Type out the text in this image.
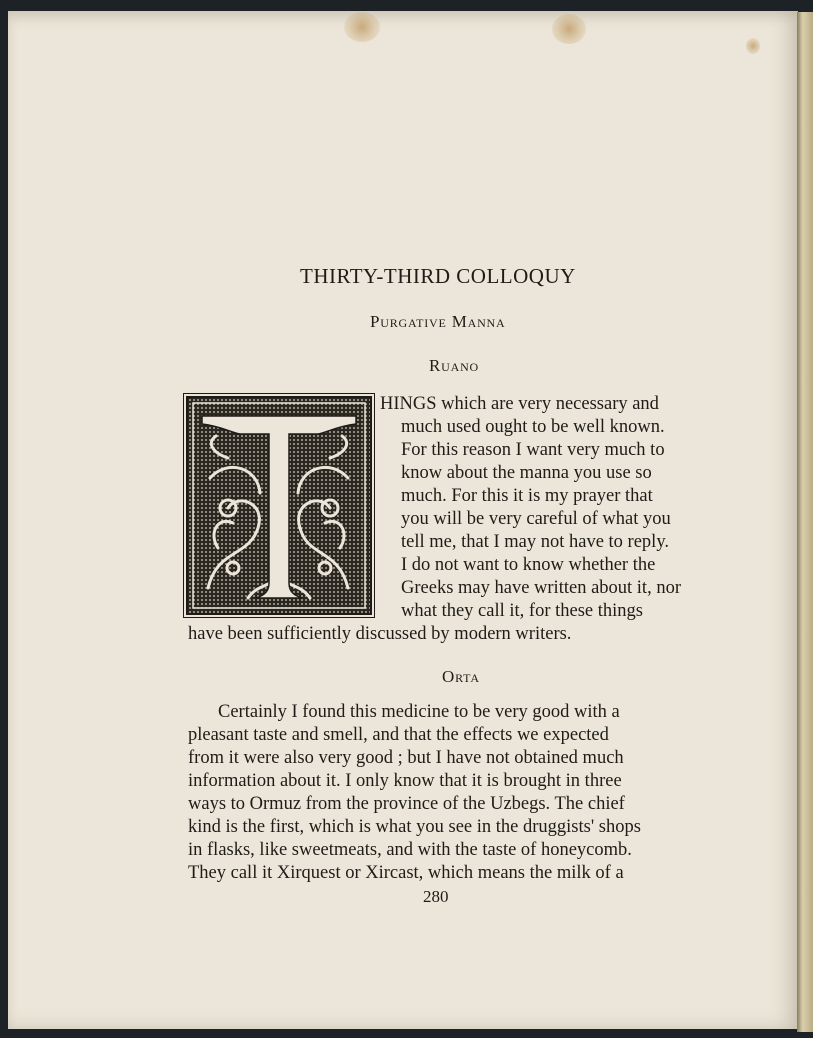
THIRTY-THIRD COLLOQUY
Purgative Manna
Ruano
HINGS which are very necessary and
much used ought to be well known.
For this reason I want very much to
know about the manna you use so
much. For this it is my prayer that
you will be very careful of what you
tell me, that I may not have to reply.
I do not want to know whether the
Greeks may have written about it, nor
what they call it, for these things
have been sufficiently discussed by modern writers.
Orta
Certainly I found this medicine to be very good with a
pleasant taste and smell, and that the effects we expected
from it were also very good ; but I have not obtained much
information about it. I only know that it is brought in three
ways to Ormuz from the province of the Uzbegs. The chief
kind is the first, which is what you see in the druggists' shops
in flasks, like sweetmeats, and with the taste of honeycomb.
They call it Xirquest or Xircast, which means the milk of a
280
